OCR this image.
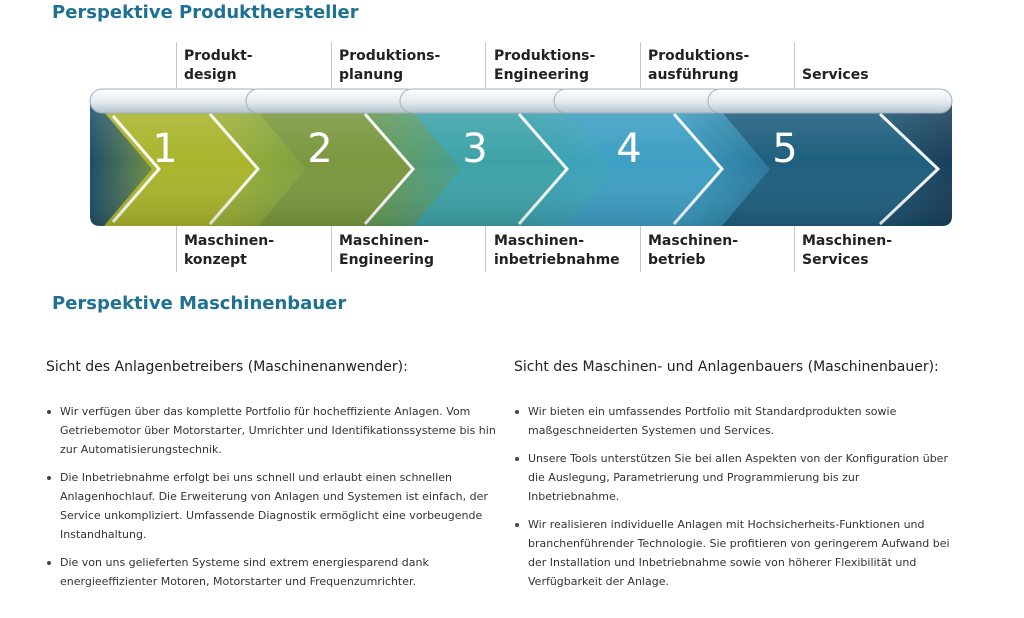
Perspektive Produkthersteller
Produkt-
design
Produktions-
planung
Produktions-
Engineering
Produktions-
ausführung	Services
1	2	3	4	5
Maschinen-
konzept
Maschinen-
Engineering
Maschinen-
inbetriebnahme
Maschinen-
betrieb
Maschinen-
Services
Perspektive Maschinenbauer
Sicht des Anlagenbetreibers (Maschinenanwender):
Wir verfügen über das komplette Portfolio für hocheffiziente Anlagen. Vom Getriebemotor über Motorstarter, Umrichter und Identifikationssysteme bis hin zur Automatisierungstechnik.
Die Inbetriebnahme erfolgt bei uns schnell und erlaubt einen schnellen Anlagenhochlauf. Die Erweiterung von Anlagen und Systemen ist einfach, der Service unkompliziert. Umfassende Diagnostik ermöglicht eine vorbeugende Instandhaltung.
Die von uns gelieferten Systeme sind extrem energiesparend dank energieeffizienter Motoren, Motorstarter und Frequenzumrichter.
Sicht des Maschinen- und Anlagenbauers (Maschinenbauer):
Wir bieten ein umfassendes Portfolio mit Standardprodukten sowie maßgeschneiderten Systemen und Services.
Unsere Tools unterstützen Sie bei allen Aspekten von der Konfiguration über die Auslegung, Parametrierung und Programmierung bis zur Inbetriebnahme.
Wir realisieren individuelle Anlagen mit Hochsicherheits-Funktionen und branchenführender Technologie. Sie profitieren von geringerem Aufwand bei der Installation und Inbetriebnahme sowie von höherer Flexibilität und Verfügbarkeit der Anlage.
